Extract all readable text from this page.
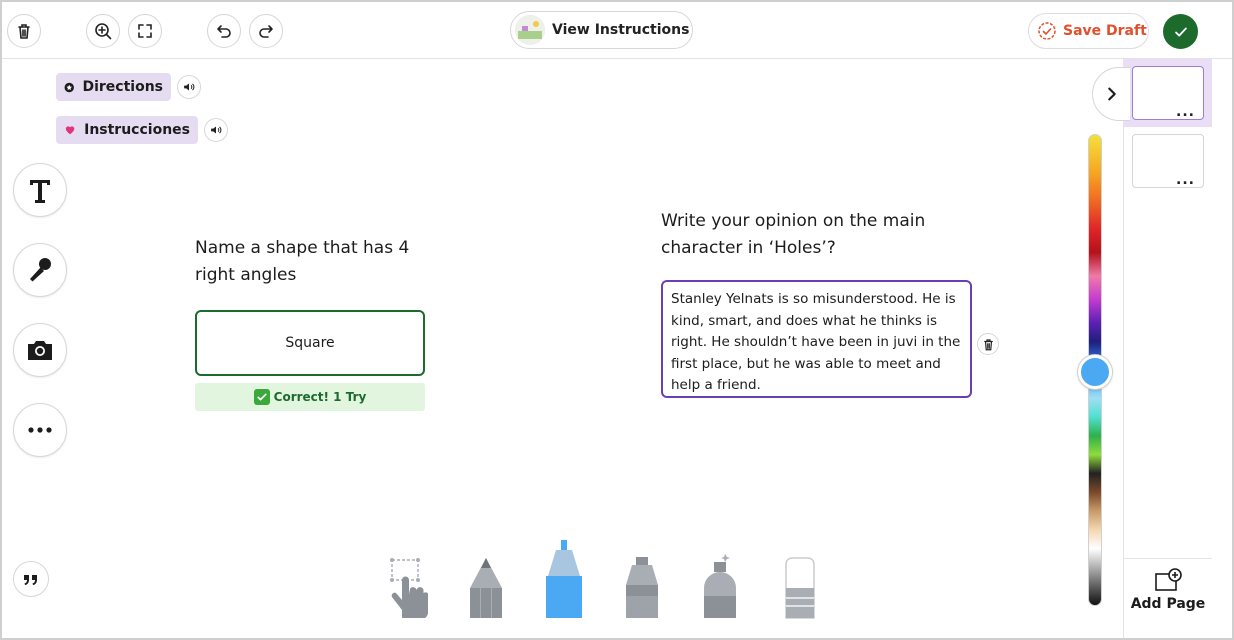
View Instructions	Save Draft
Directions
Instrucciones
Name a shape that has 4 right angles
Square
Correct! 1 Try
Write your opinion on the main character in ‘Holes’?
Stanley Yelnats is so misunderstood. He is kind, smart, and does what he thinks is right. He shouldn’t have been in juvi in the first place, but he was able to meet and help a friend.
...
...
Add Page
